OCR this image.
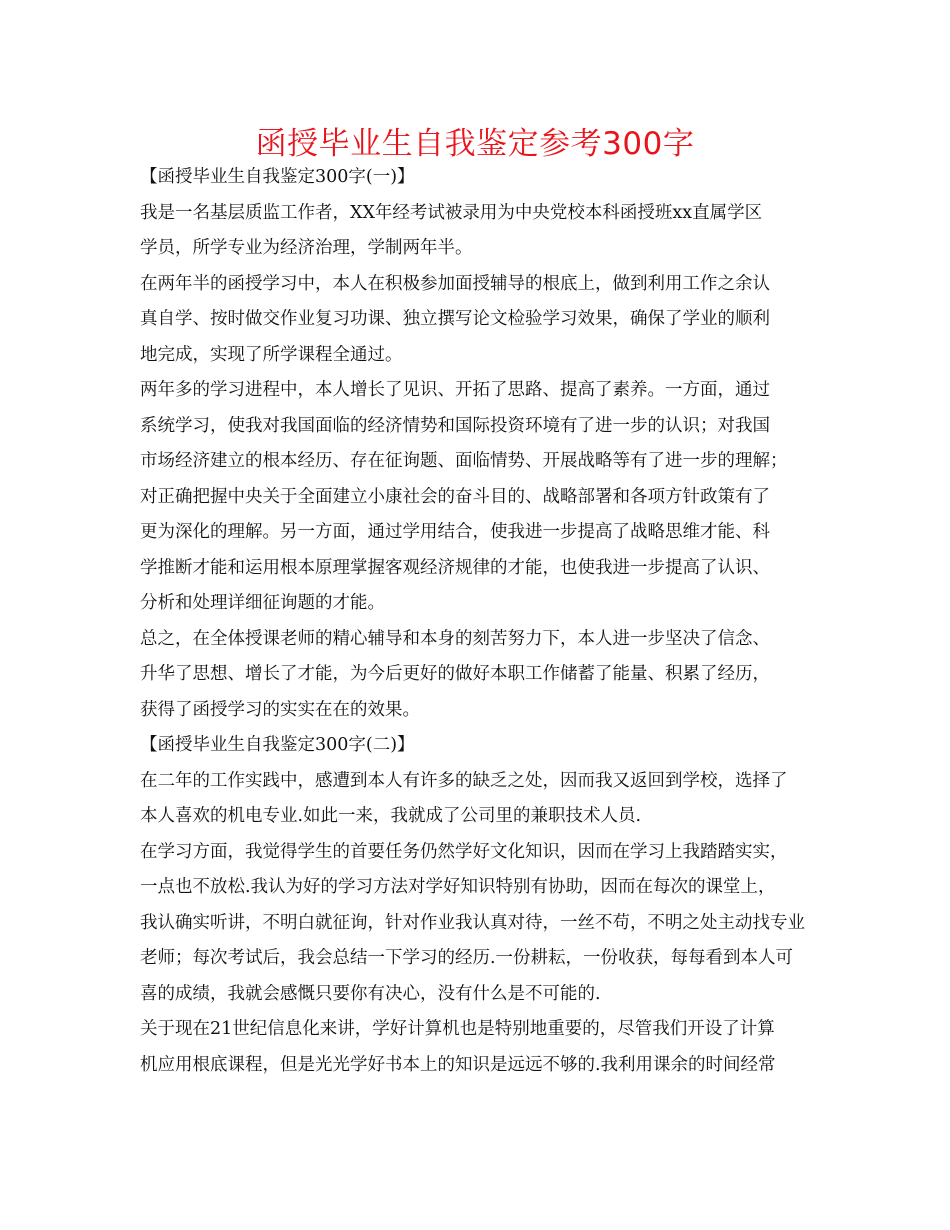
函授毕业生自我鉴定参考300字
【函授毕业生自我鉴定300字(一)】
我是一名基层质监工作者，XX年经考试被录用为中央党校本科函授班xx直属学区
学员，所学专业为经济治理，学制两年半。
在两年半的函授学习中，本人在积极参加面授辅导的根底上，做到利用工作之余认
真自学、按时做交作业复习功课、独立撰写论文检验学习效果，确保了学业的顺利
地完成，实现了所学课程全通过。
两年多的学习进程中，本人增长了见识、开拓了思路、提高了素养。一方面，通过
系统学习，使我对我国面临的经济情势和国际投资环境有了进一步的认识；对我国
市场经济建立的根本经历、存在征询题、面临情势、开展战略等有了进一步的理解；
对正确把握中央关于全面建立小康社会的奋斗目的、战略部署和各项方针政策有了
更为深化的理解。另一方面，通过学用结合，使我进一步提高了战略思维才能、科
学推断才能和运用根本原理掌握客观经济规律的才能，也使我进一步提高了认识、
分析和处理详细征询题的才能。
总之，在全体授课老师的精心辅导和本身的刻苦努力下，本人进一步坚决了信念、
升华了思想、增长了才能，为今后更好的做好本职工作储蓄了能量、积累了经历，
获得了函授学习的实实在在的效果。
【函授毕业生自我鉴定300字(二)】
在二年的工作实践中，感遭到本人有许多的缺乏之处，因而我又返回到学校，选择了
本人喜欢的机电专业.如此一来，我就成了公司里的兼职技术人员.
在学习方面，我觉得学生的首要任务仍然学好文化知识，因而在学习上我踏踏实实，
一点也不放松.我认为好的学习方法对学好知识特别有协助，因而在每次的课堂上，
我认确实听讲，不明白就征询，针对作业我认真对待，一丝不苟，不明之处主动找专业
老师；每次考试后，我会总结一下学习的经历.一份耕耘，一份收获，每每看到本人可
喜的成绩，我就会感慨只要你有决心，没有什么是不可能的.
关于现在21世纪信息化来讲，学好计算机也是特别地重要的，尽管我们开设了计算
机应用根底课程，但是光光学好书本上的知识是远远不够的.我利用课余的时间经常
